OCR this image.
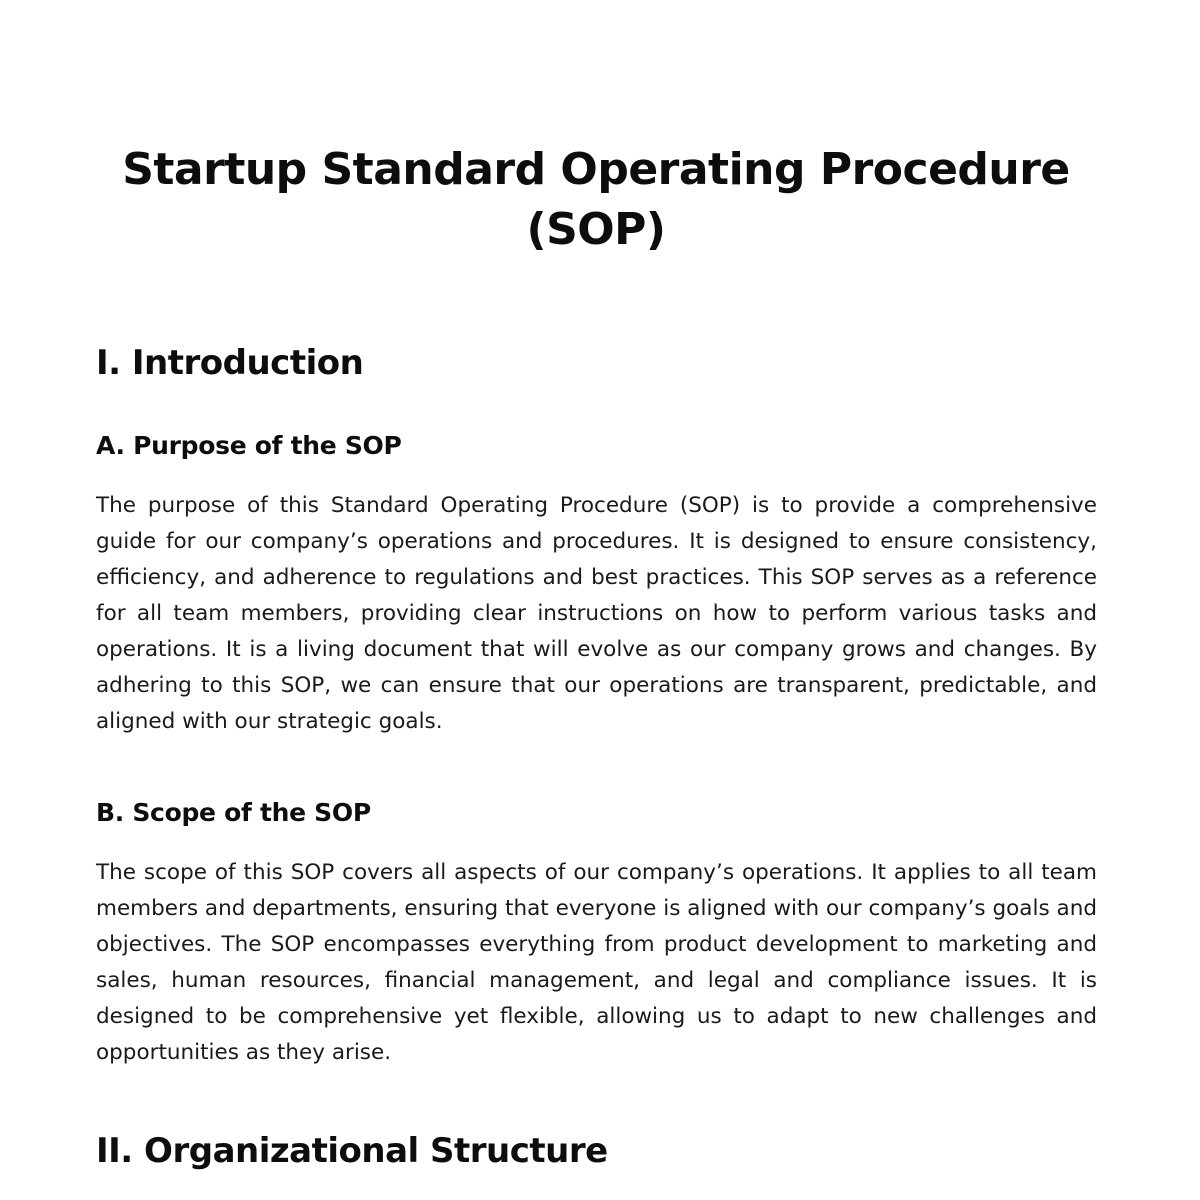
Startup Standard Operating Procedure (SOP)
I. Introduction
A. Purpose of the SOP

The purpose of this Standard Operating Procedure (SOP) is to provide a comprehensive guide for our company’s operations and procedures. It is designed to ensure consistency, efficiency, and adherence to regulations and best practices. This SOP serves as a reference for all team members, providing clear instructions on how to perform various tasks and operations. It is a living document that will evolve as our company grows and changes. By adhering to this SOP, we can ensure that our operations are transparent, predictable, and aligned with our strategic goals.

B. Scope of the SOP

The scope of this SOP covers all aspects of our company’s operations. It applies to all team members and departments, ensuring that everyone is aligned with our company’s goals and objectives. The SOP encompasses everything from product development to marketing and sales, human resources, financial management, and legal and compliance issues. It is designed to be comprehensive yet flexible, allowing us to adapt to new challenges and opportunities as they arise.

II. Organizational Structure
